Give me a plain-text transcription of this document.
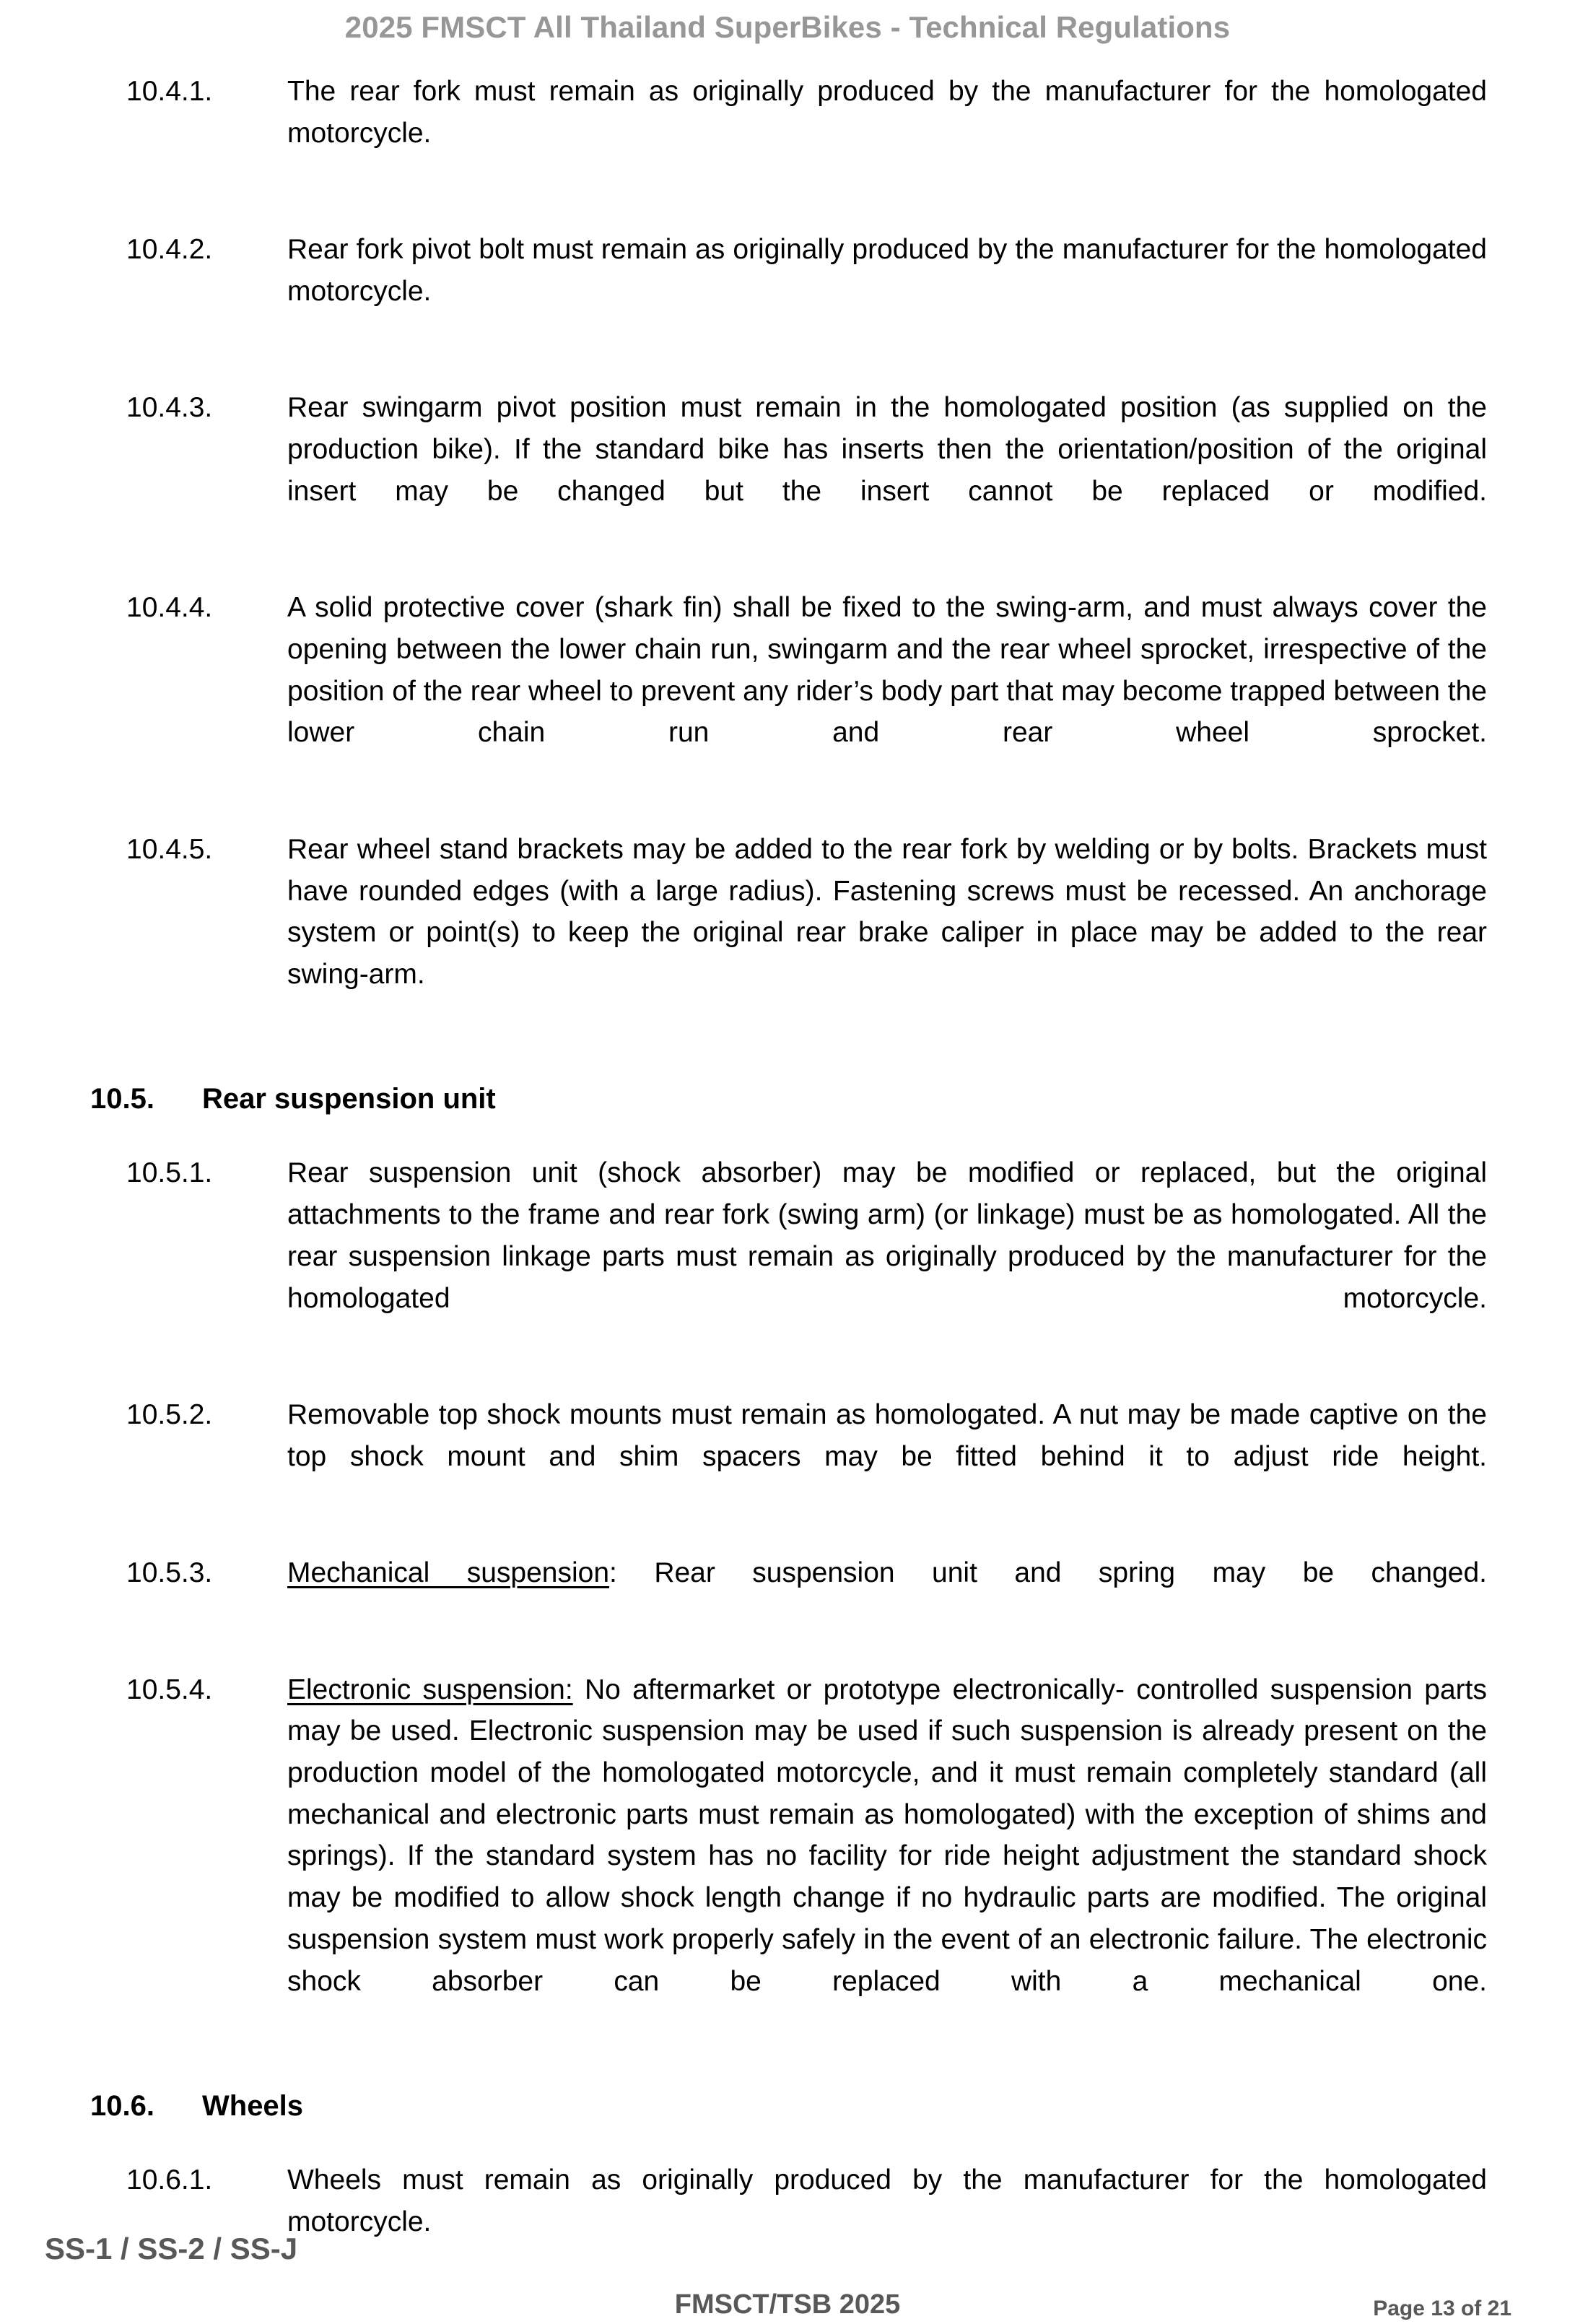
2025 FMSCT All Thailand SuperBikes - Technical Regulations
10.4.1.	The rear fork must remain as originally produced by the manufacturer for the homologated motorcycle.
10.4.2.	Rear fork pivot bolt must remain as originally produced by the manufacturer for the homologated motorcycle.
10.4.3.	Rear swingarm pivot position must remain in the homologated position (as supplied on the production bike). If the standard bike has inserts then the orientation/position of the original insert may be changed but the insert cannot be replaced or modified.
10.4.4.	A solid protective cover (shark fin) shall be fixed to the swing-arm, and must always cover the opening between the lower chain run, swingarm and the rear wheel sprocket, irrespective of the position of the rear wheel to prevent any rider’s body part that may become trapped between the lower chain run and rear wheel sprocket.
10.4.5.	Rear wheel stand brackets may be added to the rear fork by welding or by bolts. Brackets must have rounded edges (with a large radius). Fastening screws must be recessed. An anchorage system or point(s) to keep the original rear brake caliper in place may be added to the rear swing-arm.
10.5.	Rear suspension unit
10.5.1.	Rear suspension unit (shock absorber) may be modified or replaced, but the original attachments to the frame and rear fork (swing arm) (or linkage) must be as homologated. All the rear suspension linkage parts must remain as originally produced by the manufacturer for the homologated motorcycle.
10.5.2.	Removable top shock mounts must remain as homologated. A nut may be made captive on the top shock mount and shim spacers may be fitted behind it to adjust ride height.
10.5.3.	Mechanical suspension: Rear suspension unit and spring may be changed.
10.5.4.	Electronic suspension: No aftermarket or prototype electronically- controlled suspension parts may be used. Electronic suspension may be used if such suspension is already present on the production model of the homologated motorcycle, and it must remain completely standard (all mechanical and electronic parts must remain as homologated) with the exception of shims and springs). If the standard system has no facility for ride height adjustment the standard shock may be modified to allow shock length change if no hydraulic parts are modified. The original suspension system must work properly safely in the event of an electronic failure. The electronic shock absorber can be replaced with a mechanical one.
10.6.	Wheels
10.6.1.	Wheels must remain as originally produced by the manufacturer for the homologated motorcycle.
SS-1 / SS-2 / SS-J
FMSCT/TSB 2025	Page 13 of 21
